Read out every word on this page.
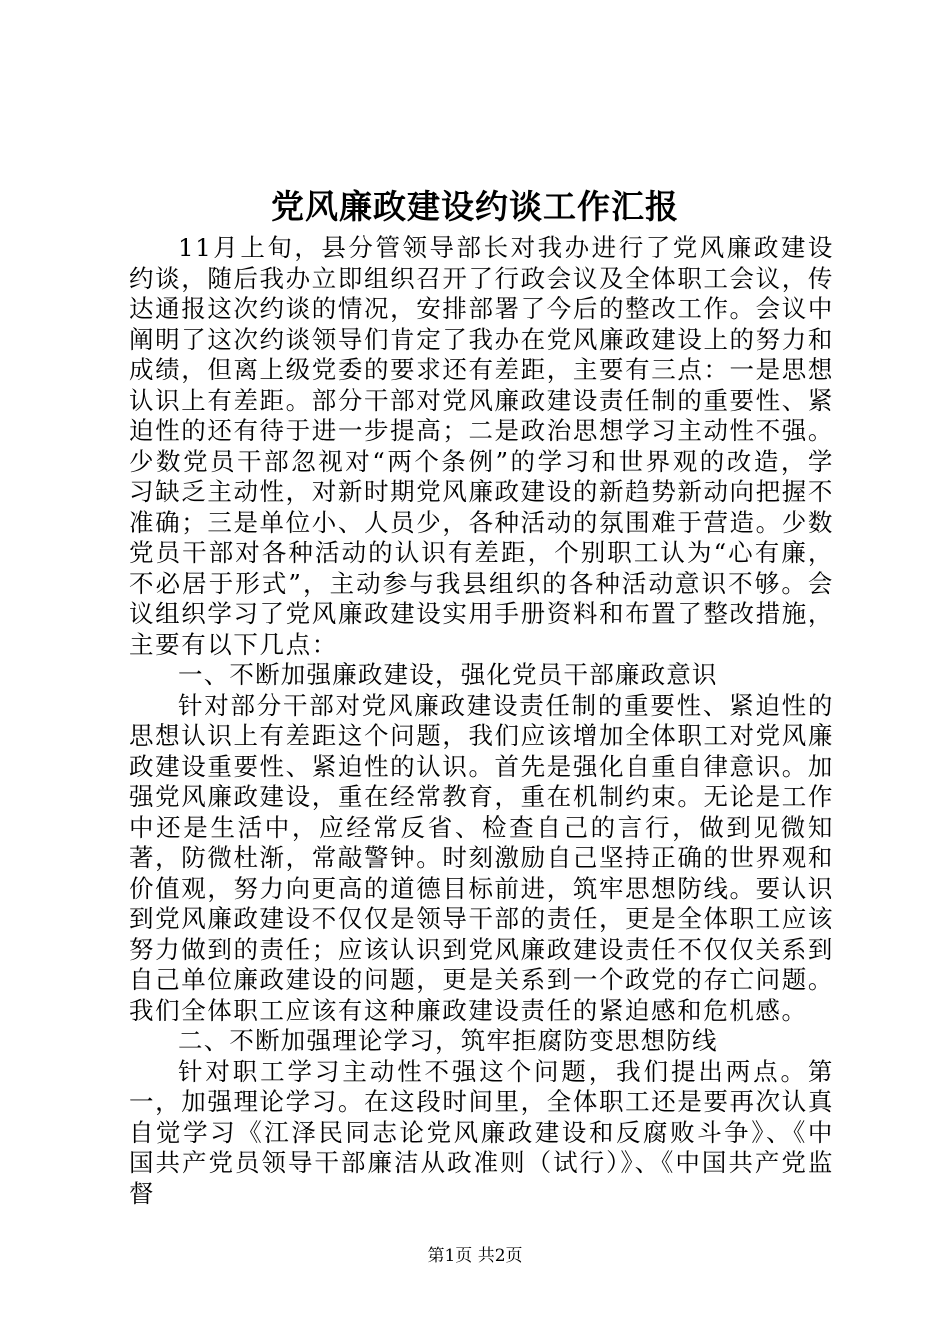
党风廉政建设约谈工作汇报

11月上旬，县分管领导部长对我办进行了党风廉政建设约谈，随后我办立即组织召开了行政会议及全体职工会议，传达通报这次约谈的情况，安排部署了今后的整改工作。会议中阐明了这次约谈领导们肯定了我办在党风廉政建设上的努力和成绩，但离上级党委的要求还有差距，主要有三点：一是思想认识上有差距。部分干部对党风廉政建设责任制的重要性、紧迫性的还有待于进一步提高；二是政治思想学习主动性不强。少数党员干部忽视对“两个条例”的学习和世界观的改造，学习缺乏主动性，对新时期党风廉政建设的新趋势新动向把握不准确；三是单位小、人员少，各种活动的氛围难于营造。少数党员干部对各种活动的认识有差距，个别职工认为“心有廉，不必居于形式”，主动参与我县组织的各种活动意识不够。会议组织学习了党风廉政建设实用手册资料和布置了整改措施，主要有以下几点：

一、不断加强廉政建设，强化党员干部廉政意识

针对部分干部对党风廉政建设责任制的重要性、紧迫性的思想认识上有差距这个问题，我们应该增加全体职工对党风廉政建设重要性、紧迫性的认识。首先是强化自重自律意识。加强党风廉政建设，重在经常教育，重在机制约束。无论是工作中还是生活中，应经常反省、检查自己的言行，做到见微知著，防微杜渐，常敲警钟。时刻激励自己坚持正确的世界观和价值观，努力向更高的道德目标前进，筑牢思想防线。要认识到党风廉政建设不仅仅是领导干部的责任，更是全体职工应该努力做到的责任；应该认识到党风廉政建设责任不仅仅关系到自己单位廉政建设的问题，更是关系到一个政党的存亡问题。我们全体职工应该有这种廉政建设责任的紧迫感和危机感。

二、不断加强理论学习，筑牢拒腐防变思想防线

针对职工学习主动性不强这个问题，我们提出两点。第一，加强理论学习。在这段时间里，全体职工还是要再次认真自觉学习《江泽民同志论党风廉政建设和反腐败斗争》、《中国共产党员领导干部廉洁从政准则（试行）》、《中国共产党监督

第1页 共2页
